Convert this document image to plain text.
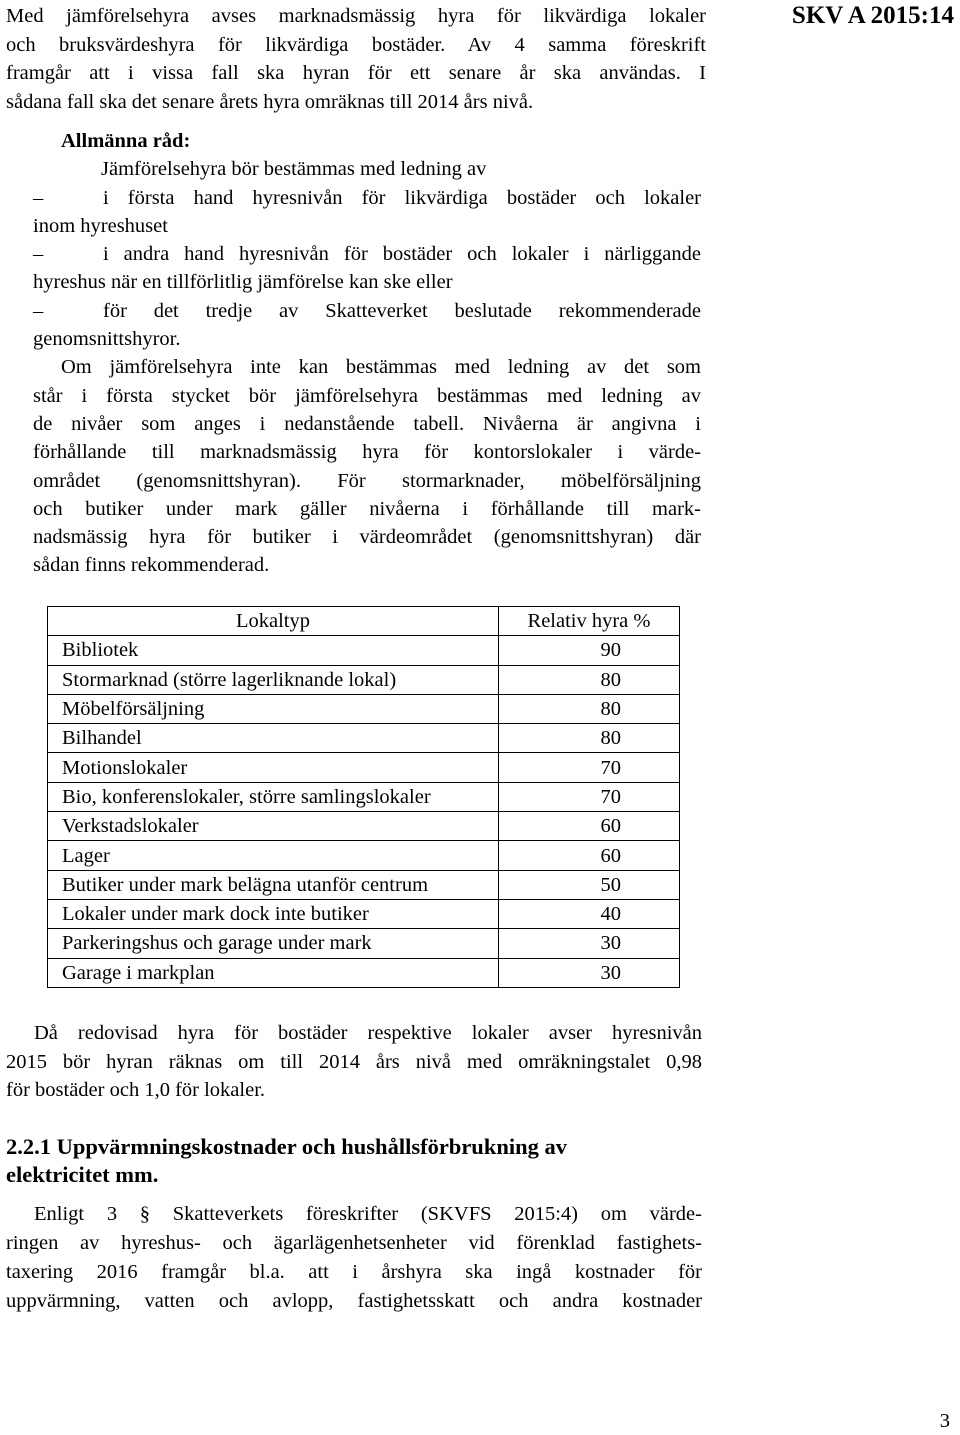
SKV A 2015:14
Med jämförelsehyra avses marknadsmässig hyra för likvärdiga lokaler
och bruksvärdeshyra för likvärdiga bostäder. Av 4 samma föreskrift
framgår att i vissa fall ska hyran för ett senare år ska användas. I
sådana fall ska det senare årets hyra omräknas till 2014 års nivå.
Allmänna råd:
Jämförelsehyra bör bestämmas med ledning av
–	i första hand hyresnivån för likvärdiga bostäder och lokaler
inom hyreshuset
–	i andra hand hyresnivån för bostäder och lokaler i närliggande
hyreshus när en tillförlitlig jämförelse kan ske eller
–	för det tredje av Skatteverket beslutade rekommenderade
genomsnittshyror.
Om jämförelsehyra inte kan bestämmas med ledning av det som
står i första stycket bör jämförelsehyra bestämmas med ledning av
de nivåer som anges i nedanstående tabell. Nivåerna är angivna i
förhållande till marknadsmässig hyra för kontorslokaler i värde-
området (genomsnittshyran). För stormarknader, möbelförsäljning
och butiker under mark gäller nivåerna i förhållande till mark-
nadsmässig hyra för butiker i värdeområdet (genomsnittshyran) där
sådan finns rekommenderad.
Lokaltyp	Relativ hyra %
Bibliotek	90
Stormarknad (större lagerliknande lokal)	80
Möbelförsäljning	80
Bilhandel	80
Motionslokaler	70
Bio, konferenslokaler, större samlingslokaler	70
Verkstadslokaler	60
Lager	60
Butiker under mark belägna utanför centrum	50
Lokaler under mark dock inte butiker	40
Parkeringshus och garage under mark	30
Garage i markplan	30
Då redovisad hyra för bostäder respektive lokaler avser hyresnivån
2015 bör hyran räknas om till 2014 års nivå med omräkningstalet 0,98
för bostäder och 1,0 för lokaler.
2.2.1 Uppvärmningskostnader och hushållsförbrukning av
elektricitet mm.
Enligt 3 § Skatteverkets föreskrifter (SKVFS 2015:4) om värde-
ringen av hyreshus- och ägarlägenhetsenheter vid förenklad fastighets-
taxering 2016 framgår bl.a. att i årshyra ska ingå kostnader för
uppvärmning, vatten och avlopp, fastighetsskatt och andra kostnader
3
